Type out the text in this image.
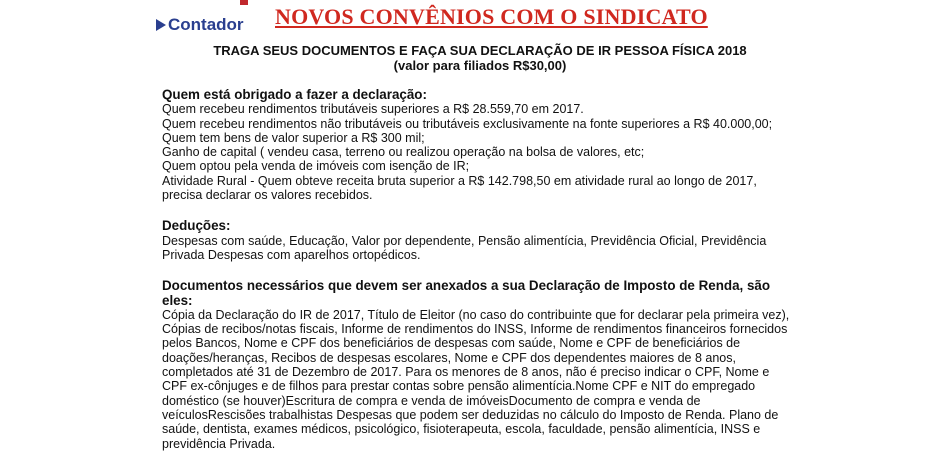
Contador NOVOS CONVÊNIOS COM O SINDICATO
TRAGA SEUS DOCUMENTOS E FAÇA SUA DECLARAÇÃO DE IR PESSOA FÍSICA 2018
(valor para filiados R$30,00)
Quem está obrigado a fazer a declaração:
Quem recebeu rendimentos tributáveis superiores a R$ 28.559,70 em 2017.
Quem recebeu rendimentos não tributáveis ou tributáveis exclusivamente na fonte superiores a R$ 40.000,00;
Quem tem bens de valor superior a R$ 300 mil;
Ganho de capital ( vendeu casa, terreno ou realizou operação na bolsa de valores, etc;
Quem optou pela venda de imóveis com isenção de IR;
Atividade Rural - Quem obteve receita bruta superior a R$ 142.798,50 em atividade rural ao longo de 2017,
precisa declarar os valores recebidos.
Deduções:
Despesas com saúde, Educação, Valor por dependente, Pensão alimentícia, Previdência Oficial, Previdência
Privada Despesas com aparelhos ortopédicos.
Documentos necessários que devem ser anexados a sua Declaração de Imposto de Renda, são
eles:
Cópia da Declaração do IR de 2017, Título de Eleitor (no caso do contribuinte que for declarar pela primeira vez),
Cópias de recibos/notas fiscais, Informe de rendimentos do INSS, Informe de rendimentos financeiros fornecidos
pelos Bancos, Nome e CPF dos beneficiários de despesas com saúde, Nome e CPF de beneficiários de
doações/heranças, Recibos de despesas escolares, Nome e CPF dos dependentes maiores de 8 anos,
completados até 31 de Dezembro de 2017. Para os menores de 8 anos, não é preciso indicar o CPF, Nome e
CPF ex-cônjuges e de filhos para prestar contas sobre pensão alimentícia.Nome CPF e NIT do empregado
doméstico (se houver)Escritura de compra e venda de imóveisDocumento de compra e venda de
veículosRescisões trabalhistas Despesas que podem ser deduzidas no cálculo do Imposto de Renda. Plano de
saúde, dentista, exames médicos, psicológico, fisioterapeuta, escola, faculdade, pensão alimentícia, INSS e
previdência Privada.
